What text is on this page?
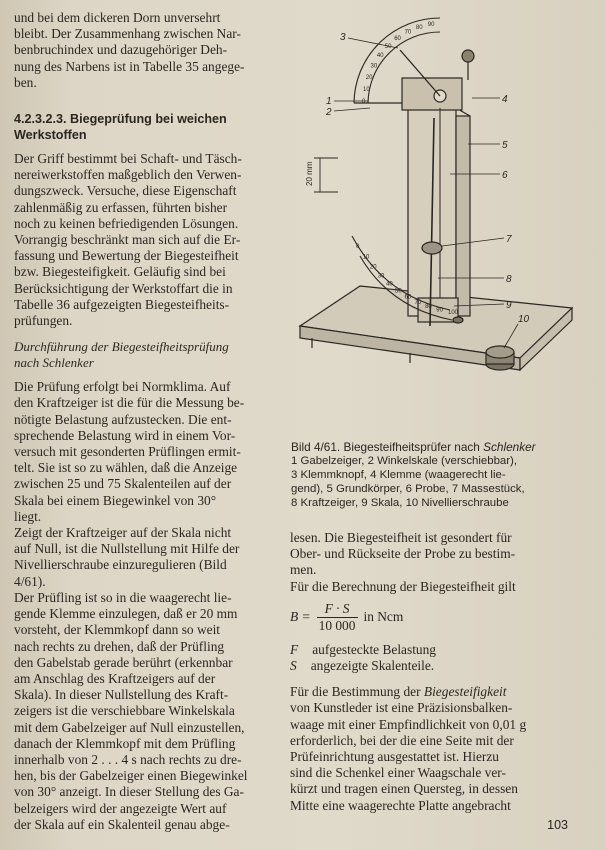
und bei dem dickeren Dorn unversehrt
bleibt. Der Zusammenhang zwischen Nar-
benbruchindex und dazugehöriger Deh-
nung des Narbens ist in Tabelle 35 angege-
ben.
4.2.3.2.3. Biegeprüfung bei weichen
Werkstoffen
Der Griff bestimmt bei Schaft- und Täsch-
nereiwerkstoffen maßgeblich den Verwen-
dungszweck. Versuche, diese Eigenschaft
zahlenmäßig zu erfassen, führten bisher
noch zu keinen befriedigenden Lösungen.
Vorrangig beschränkt man sich auf die Er-
fassung und Bewertung der Biegesteifheit
bzw. Biegesteifigkeit. Geläufig sind bei
Berücksichtigung der Werkstoffart die in
Tabelle 36 aufgezeigten Biegesteifheits-
prüfungen.
Durchführung der Biegesteifheitsprüfung
nach Schlenker
Die Prüfung erfolgt bei Normklima. Auf
den Kraftzeiger ist die für die Messung be-
nötigte Belastung aufzustecken. Die ent-
sprechende Belastung wird in einem Vor-
versuch mit gesonderten Prüflingen ermit-
telt. Sie ist so zu wählen, daß die Anzeige
zwischen 25 und 75 Skalenteilen auf der
Skala bei einem Biegewinkel von 30°
liegt.
Zeigt der Kraftzeiger auf der Skala nicht
auf Null, ist die Nullstellung mit Hilfe der
Nivellierschraube einzuregulieren (Bild
4/61).
Der Prüfling ist so in die waagerecht lie-
gende Klemme einzulegen, daß er 20 mm
vorsteht, der Klemmkopf dann so weit
nach rechts zu drehen, daß der Prüfling
den Gabelstab gerade berührt (erkennbar
am Anschlag des Kraftzeigers auf der
Skala). In dieser Nullstellung des Kraft-
zeigers ist die verschiebbare Winkelskala
mit dem Gabelzeiger auf Null einzustellen,
danach der Klemmkopf mit dem Prüfling
innerhalb von 2 . . . 4 s nach rechts zu dre-
hen, bis der Gabelzeiger einen Biegewinkel
von 30° anzeigt. In dieser Stellung des Ga-
belzeigers wird der angezeigte Wert auf
der Skala auf ein Skalenteil genau abge-
3
1
2
4
5
6
7
8
9
10
20 mm
0
10
20
30
40
50
60
70
80 90
0
10
20
30
40
50
60
70
80
90 100
Bild 4/61. Biegesteifheitsprüfer nach Schlenker
1 Gabelzeiger, 2 Winkelskale (verschiebbar),
3 Klemmknopf, 4 Klemme (waagerecht lie-
gend), 5 Grundkörper, 6 Probe, 7 Massestück,
8 Kraftzeiger, 9 Skala, 10 Nivellierschraube
lesen. Die Biegesteifheit ist gesondert für
Ober- und Rückseite der Probe zu bestim-
men.
Für die Berechnung der Biegesteifheit gilt
$B = \frac{F \cdot S}{10 000}$ in Ncm
F aufgesteckte Belastung
S angezeigte Skalenteile.
Für die Bestimmung der Biegesteifigkeit
von Kunstleder ist eine Präzisionsbalken-
waage mit einer Empfindlichkeit von 0,01 g
erforderlich, bei der die eine Seite mit der
Prüfeinrichtung ausgestattet ist. Hierzu
sind die Schenkel einer Waagschale ver-
kürzt und tragen einen Quersteg, in dessen
Mitte eine waagerechte Platte angebracht
103
